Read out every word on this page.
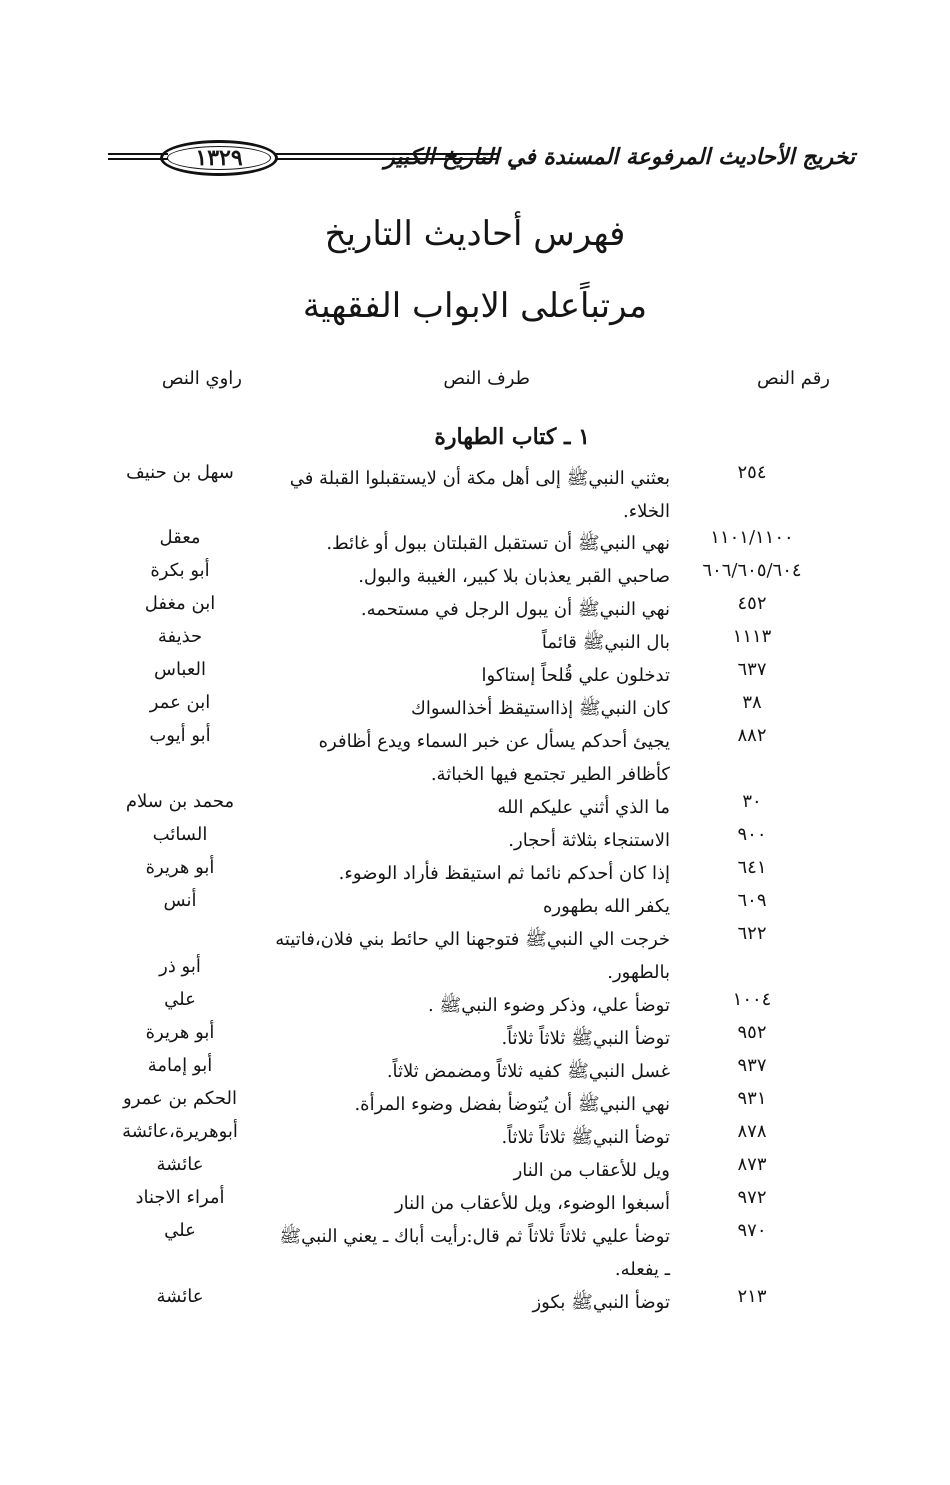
١٣٢٩	تخريج الأحاديث المرفوعة المسندة في التاريخ الكبير
فهرس أحاديث التاريخ
مرتباًعلى الابواب الفقهية
رقم النص
طرف النص
راوي النص
١ ـ كتاب الطهارة
٢٥٤
بعثني النبيﷺ إلى أهل مكة أن لايستقبلوا القبلة في الخلاء.
سهل بن حنيف
١١٠١/١١٠٠
نهي النبيﷺ أن تستقبل القبلتان ببول أو غائط.
معقل
٦٠٦/٦٠٥/٦٠٤
صاحبي القبر يعذبان بلا كبير، الغيبة والبول.
أبو بكرة
٤٥٢
نهي النبيﷺ أن يبول الرجل في مستحمه.
ابن مغفل
١١١٣
بال النبيﷺ قائماً
حذيفة
٦٣٧
تدخلون علي قُلحاً إستاكوا
العباس
٣٨
كان النبيﷺ إذااستيقظ أخذالسواك
ابن عمر
٨٨٢
يجيئ أحدكم يسأل عن خبر السماء ويدع أظافره كأظافر الطير تجتمع فيها الخباثة.
أبو أيوب
٣٠
ما الذي أثني عليكم الله
محمد بن سلام
٩٠٠
الاستنجاء بثلاثة أحجار.
السائب
٦٤١
إذا كان أحدكم نائما ثم استيقظ فأراد الوضوء.
أبو هريرة
٦٠٩
يكفر الله بطهوره
أنس
٦٢٢
خرجت الي النبيﷺ فتوجهنا الي حائط بني فلان،فاتيته بالطهور.
أبو ذر
١٠٠٤
توضأ علي، وذكر وضوء النبيﷺ .
علي
٩٥٢
توضأ النبيﷺ ثلاثاً ثلاثاً.
أبو هريرة
٩٣٧
غسل النبيﷺ كفيه ثلاثاً ومضمض ثلاثاً.
أبو إمامة
٩٣١
نهي النبيﷺ أن يُتوضأ بفضل وضوء المرأة.
الحكم بن عمرو
٨٧٨
توضأ النبيﷺ ثلاثاً ثلاثاً.
أبوهريرة،عائشة
٨٧٣
ويل للأعقاب من النار
عائشة
٩٧٢
أسبغوا الوضوء، ويل للأعقاب من النار
أمراء الاجناد
٩٧٠
توضأ عليي ثلاثاً ثلاثاً ثم قال:رأيت أباك ـ يعني النبيﷺ ـ يفعله.
علي
٢١٣
توضأ النبيﷺ بكوز
عائشة
